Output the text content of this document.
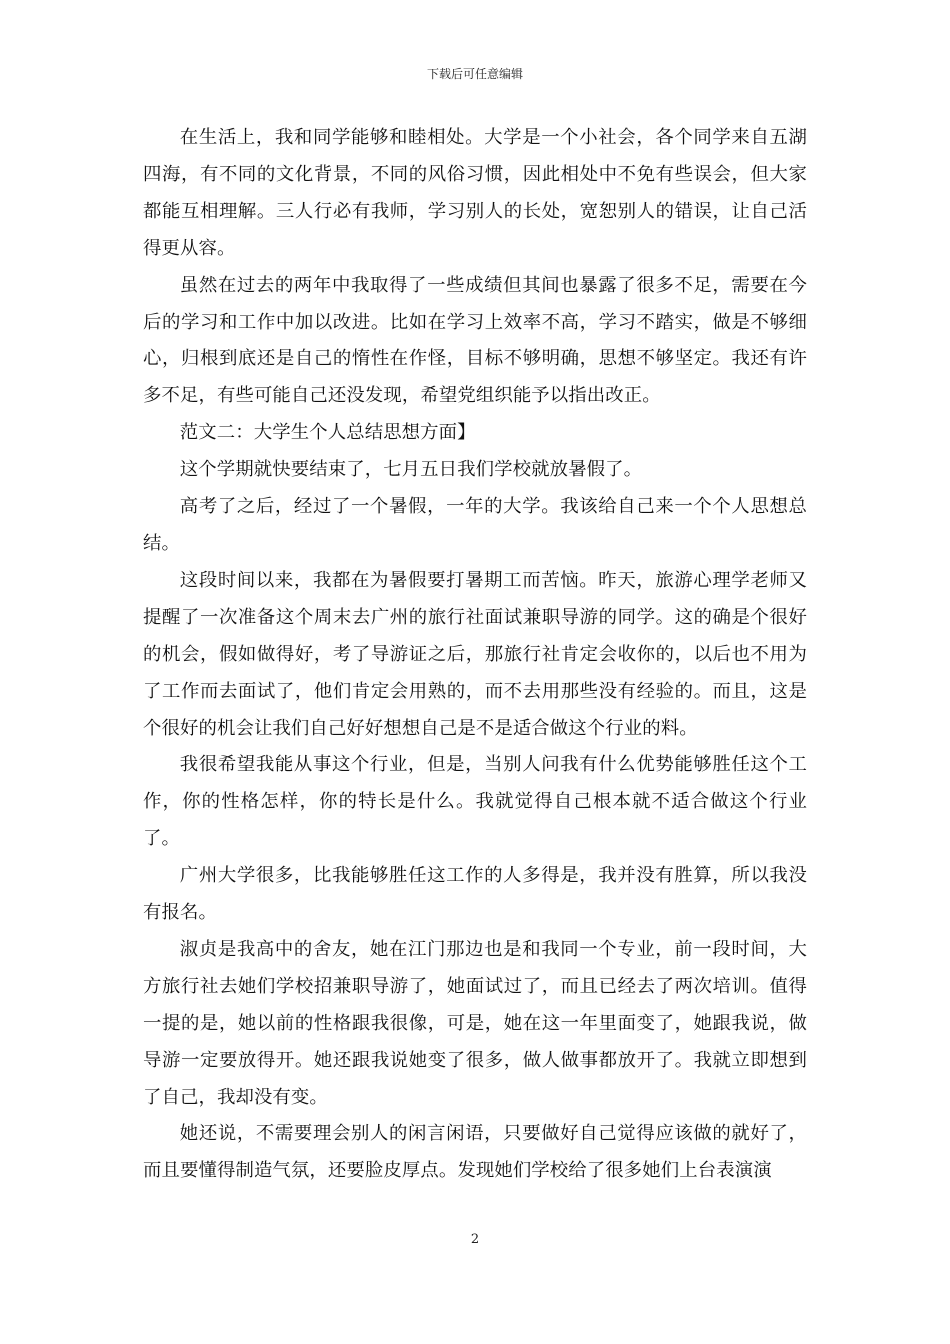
下载后可任意编辑

在生活上，我和同学能够和睦相处。大学是一个小社会，各个同学来自五湖四海，有不同的文化背景，不同的风俗习惯，因此相处中不免有些误会，但大家都能互相理解。三人行必有我师，学习别人的长处，宽恕别人的错误，让自己活得更从容。

虽然在过去的两年中我取得了一些成绩但其间也暴露了很多不足，需要在今后的学习和工作中加以改进。比如在学习上效率不高，学习不踏实，做是不够细心，归根到底还是自己的惰性在作怪，目标不够明确，思想不够坚定。我还有许多不足，有些可能自己还没发现，希望党组织能予以指出改正。

范文二：大学生个人总结思想方面】

这个学期就快要结束了，七月五日我们学校就放暑假了。

高考了之后，经过了一个暑假，一年的大学。我该给自己来一个个人思想总结。

这段时间以来，我都在为暑假要打暑期工而苦恼。昨天，旅游心理学老师又提醒了一次准备这个周末去广州的旅行社面试兼职导游的同学。这的确是个很好的机会，假如做得好，考了导游证之后，那旅行社肯定会收你的，以后也不用为了工作而去面试了，他们肯定会用熟的，而不去用那些没有经验的。而且，这是个很好的机会让我们自己好好想想自己是不是适合做这个行业的料。

我很希望我能从事这个行业，但是，当别人问我有什么优势能够胜任这个工作，你的性格怎样，你的特长是什么。我就觉得自己根本就不适合做这个行业了。

广州大学很多，比我能够胜任这工作的人多得是，我并没有胜算，所以我没有报名。

淑贞是我高中的舍友，她在江门那边也是和我同一个专业，前一段时间，大方旅行社去她们学校招兼职导游了，她面试过了，而且已经去了两次培训。值得一提的是，她以前的性格跟我很像，可是，她在这一年里面变了，她跟我说，做导游一定要放得开。她还跟我说她变了很多，做人做事都放开了。我就立即想到了自己，我却没有变。

她还说，不需要理会别人的闲言闲语，只要做好自己觉得应该做的就好了，而且要懂得制造气氛，还要脸皮厚点。发现她们学校给了很多她们上台表演演

2
